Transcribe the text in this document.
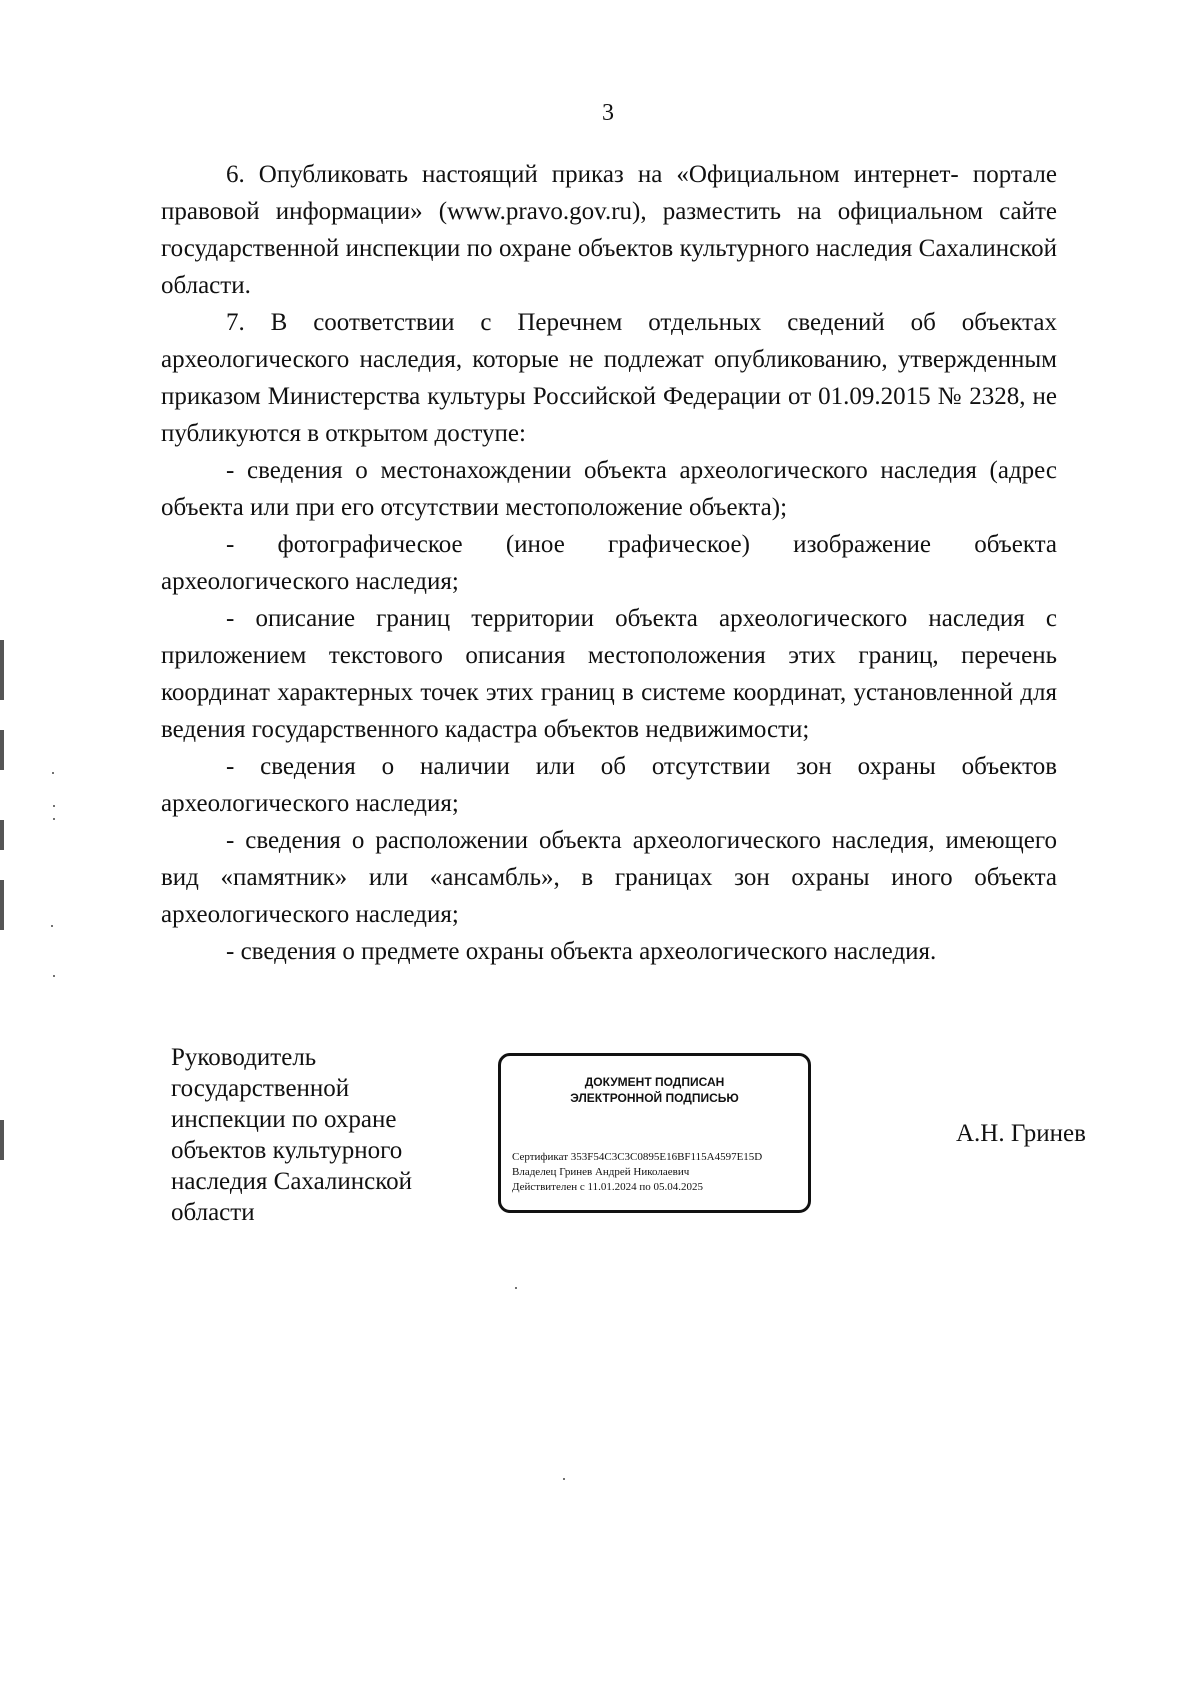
3

6. Опубликовать настоящий приказ на «Официальном интернет- портале правовой информации» (www.pravo.gov.ru), разместить на официальном сайте государственной инспекции по охране объектов культурного наследия Сахалинской области.

7. В соответствии с Перечнем отдельных сведений об объектах археологического наследия, которые не подлежат опубликованию, утвержденным приказом Министерства культуры Российской Федерации от 01.09.2015 № 2328, не публикуются в открытом доступе:

- сведения о местонахождении объекта археологического наследия (адрес объекта или при его отсутствии местоположение объекта);

- фотографическое (иное графическое) изображение объекта археологического наследия;

- описание границ территории объекта археологического наследия с приложением текстового описания местоположения этих границ, перечень координат характерных точек этих границ в системе координат, установленной для ведения государственного кадастра объектов недвижимости;

- сведения о наличии или об отсутствии зон охраны объектов археологического наследия;

- сведения о расположении объекта археологического наследия, имеющего вид «памятник» или «ансамбль», в границах зон охраны иного объекта археологического наследия;

- сведения о предмете охраны объекта археологического наследия.

Руководитель
государственной
инспекции по охране
объектов культурного
наследия Сахалинской
области
ДОКУМЕНТ ПОДПИСАН
ЭЛЕКТРОННОЙ ПОДПИСЬЮ
Сертификат 353F54C3C3C0895E16BF115A4597E15D
Владелец Гринев Андрей Николаевич
Действителен с 11.01.2024 по 05.04.2025
А.Н. Гринев
